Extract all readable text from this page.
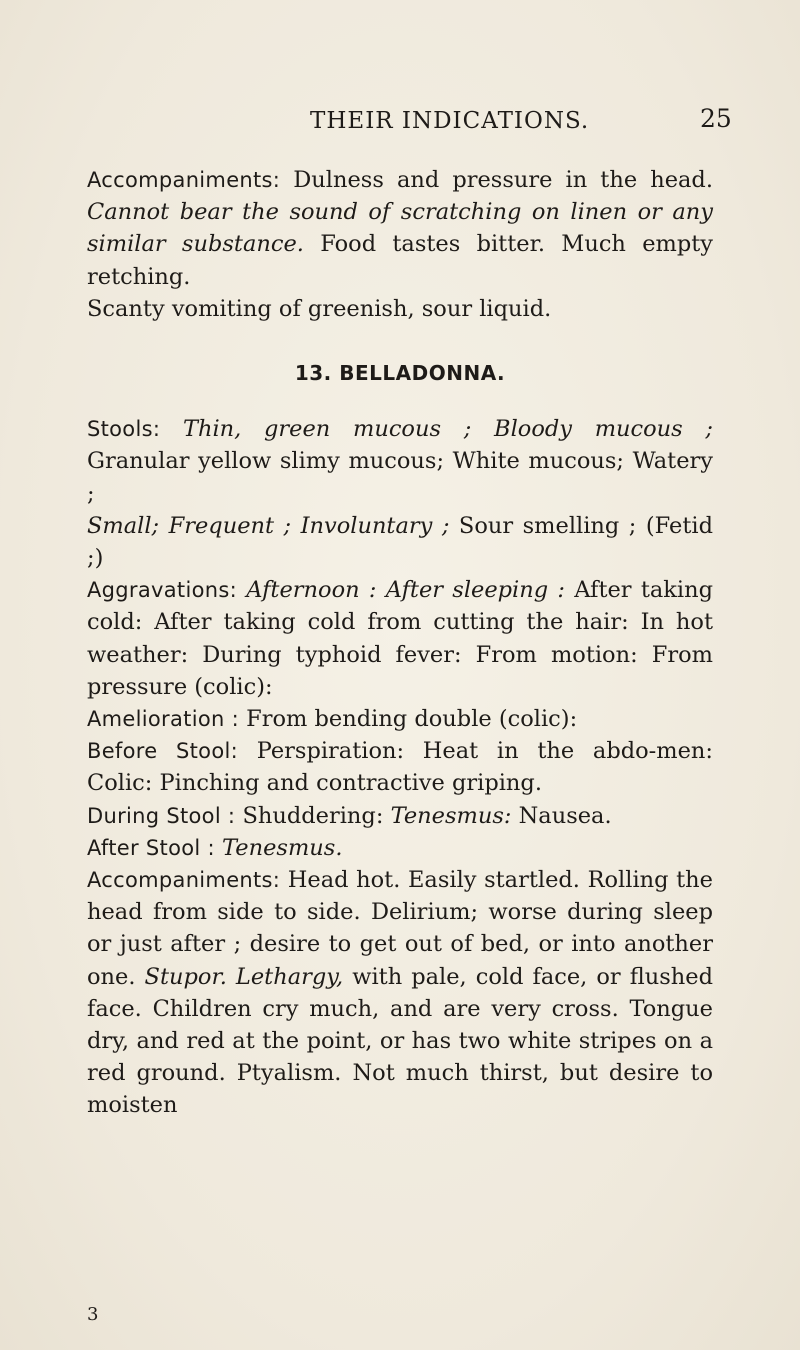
THEIR INDICATIONS.	25

Accompaniments: Dulness and pressure in the head. Cannot bear the sound of scratching on linen or any similar substance. Food tastes bitter. Much empty retching.

Scanty vomiting of greenish, sour liquid.

13. BELLADONNA.

Stools: Thin, green mucous ; Bloody mucous ; Granular yellow slimy mucous; White mucous; Watery ;
Small; Frequent ; Involuntary ; Sour smelling ; (Fetid ;)

Aggravations: Afternoon : After sleeping : After taking cold: After taking cold from cutting the hair: In hot weather: During typhoid fever: From motion: From pressure (colic):

Amelioration : From bending double (colic):

Before Stool: Perspiration: Heat in the abdo-men: Colic: Pinching and contractive griping.

During Stool : Shuddering: Tenesmus: Nausea.

After Stool : Tenesmus.

Accompaniments: Head hot. Easily startled. Rolling the head from side to side. Delirium; worse during sleep or just after ; desire to get out of bed, or into another one. Stupor. Lethargy, with pale, cold face, or flushed face. Children cry much, and are very cross. Tongue dry, and red at the point, or has two white stripes on a red ground. Ptyalism. Not much thirst, but desire to moisten

3
